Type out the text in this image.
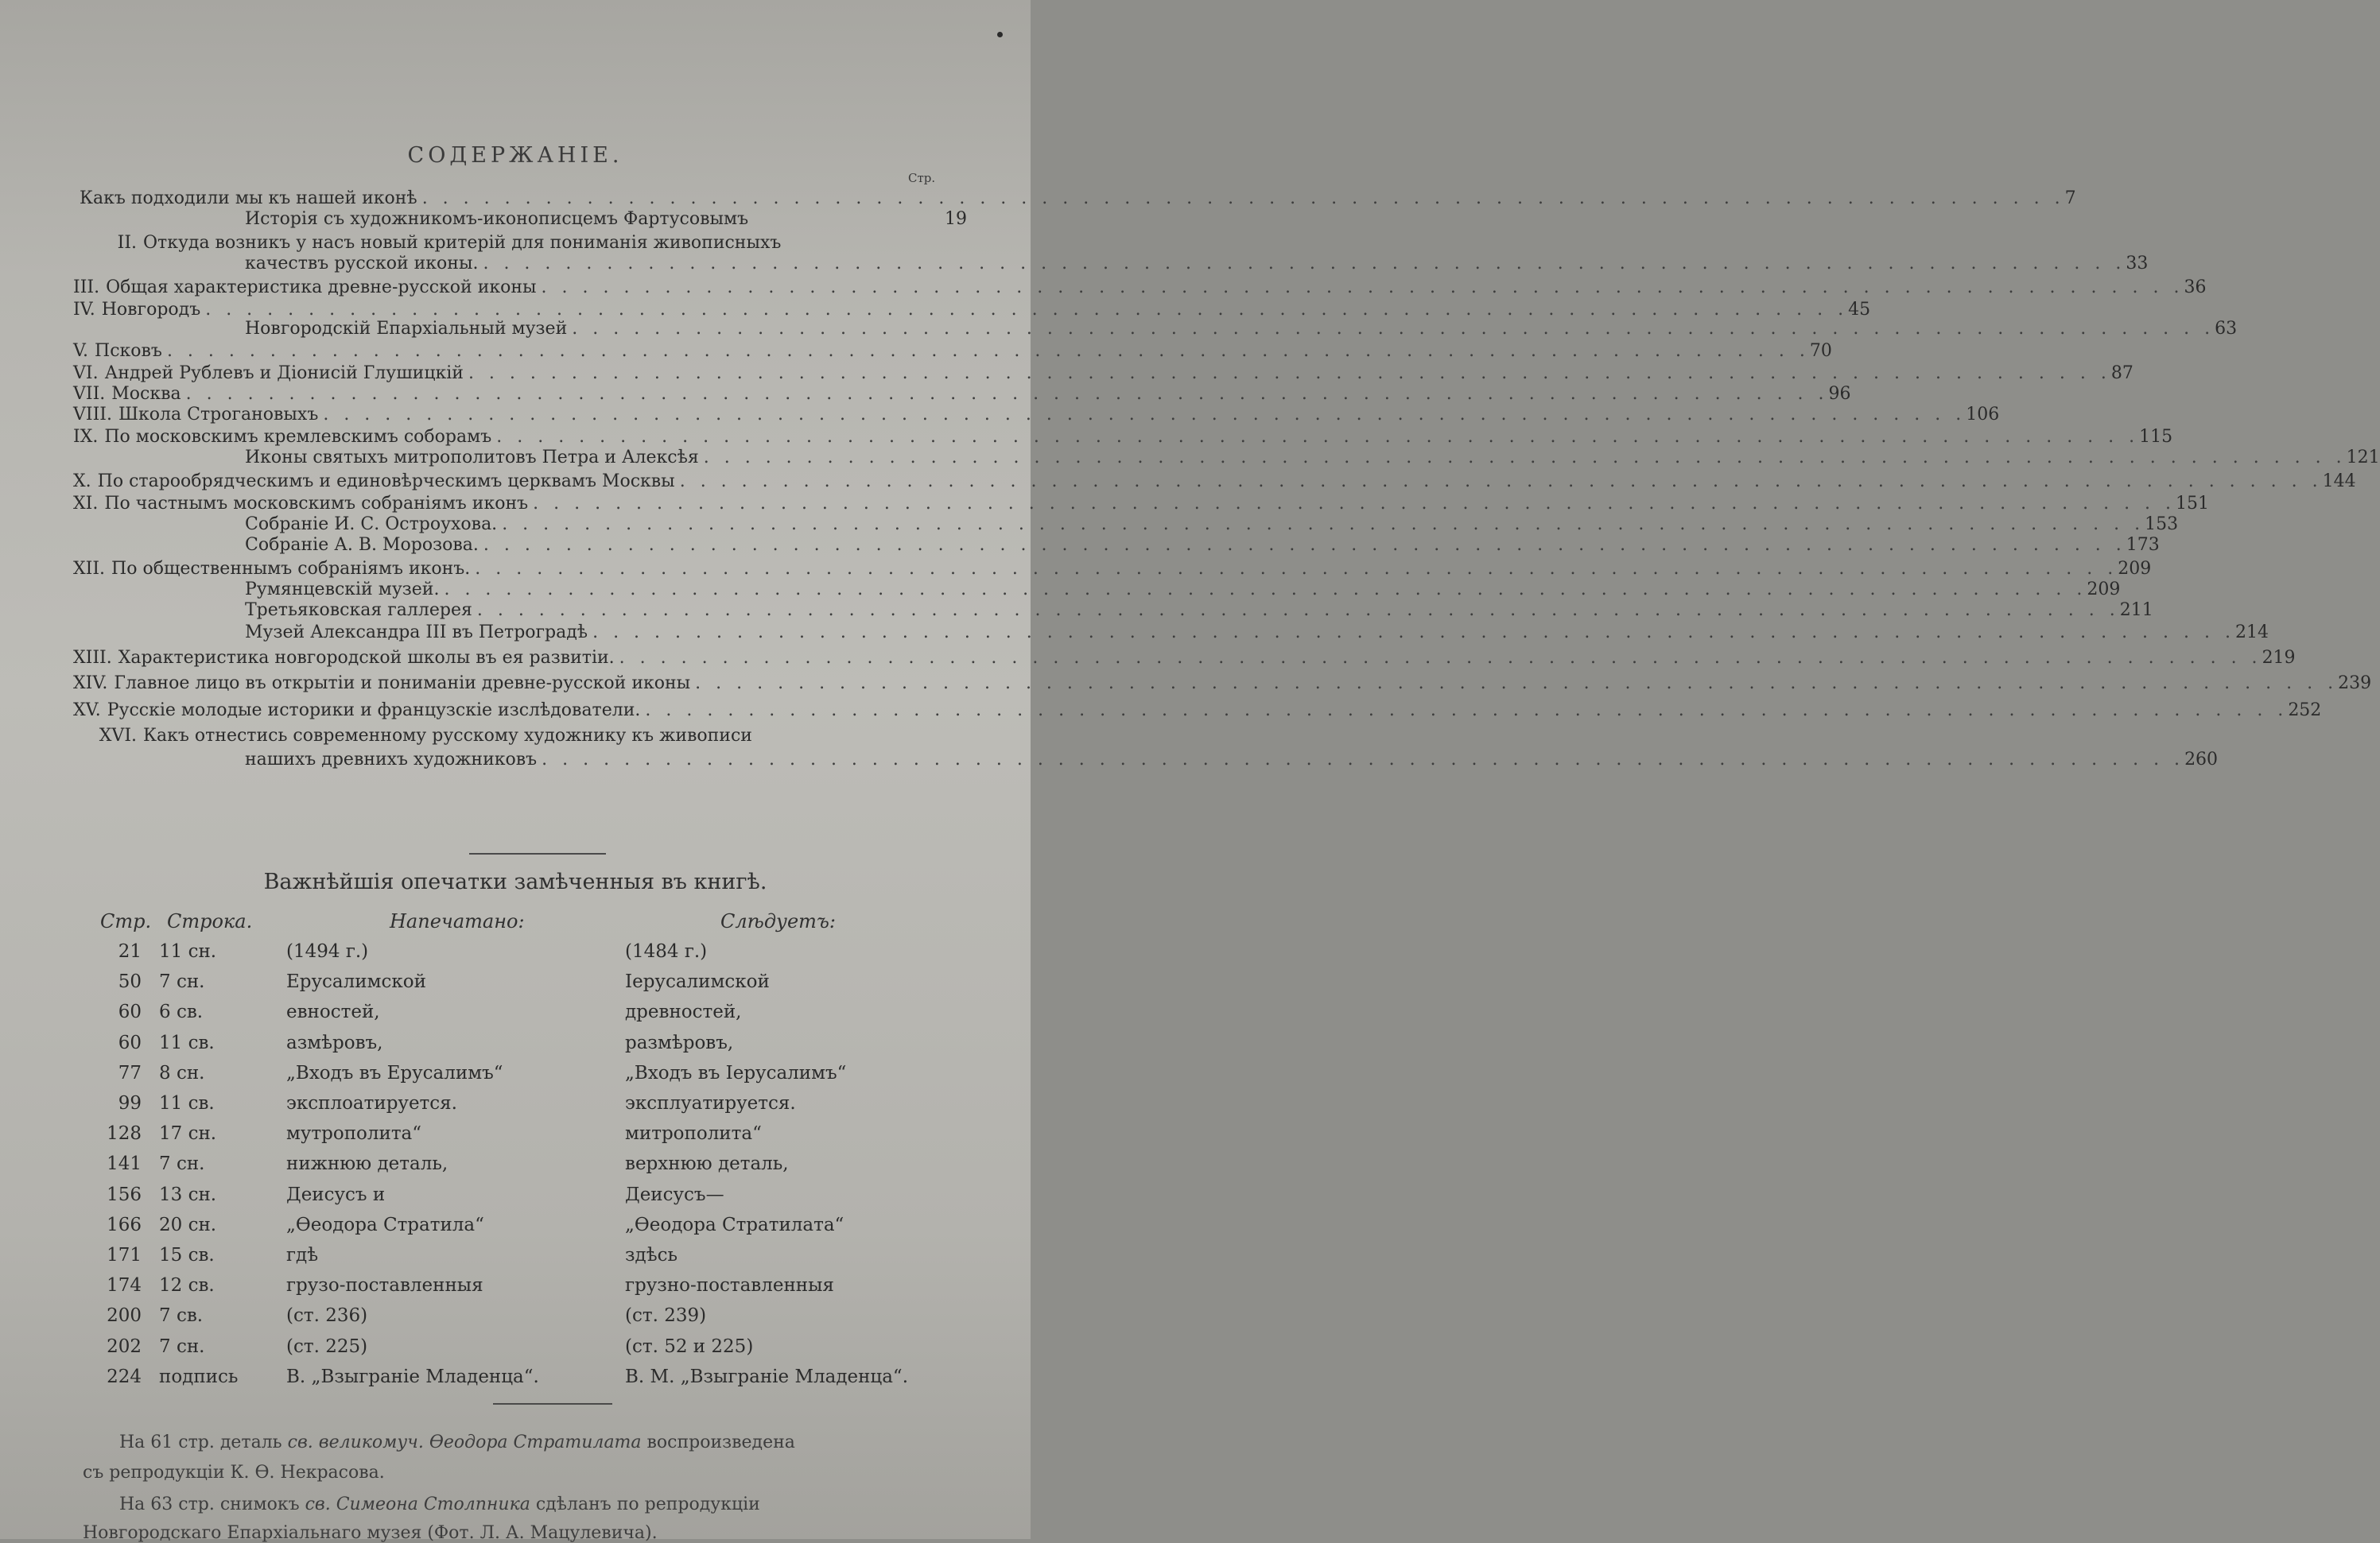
СОДЕРЖАНІЕ.
Стр.
Какъ подходили мы къ нашей иконѣ . . . . . . . . . . . . . . . . . . . . . . . . . . . . . . . . . . . . . . . . . . . . . . . . . . . . . . . . . . . . . . . . . . . . . . . . . . . . . . . . 7
Исторія съ художникомъ-иконописцемъ Фартусовымъ	19
II. Откуда возникъ у насъ новый критерій для пониманія живописныхъ
качествъ русской иконы. . . . . . . . . . . . . . . . . . . . . . . . . . . . . . . . . . . . . . . . . . . . . . . . . . . . . . . . . . . . . . . . . . . . . . . . . . . . . . . . . 33
III. Общая характеристика древне-русской иконы . . . . . . . . . . . . . . . . . . . . . . . . . . . . . . . . . . . . . . . . . . . . . . . . . . . . . . . . . . . . . . . . . . . . . . . . . . . . . . . . 36
IV. Новгородъ . . . . . . . . . . . . . . . . . . . . . . . . . . . . . . . . . . . . . . . . . . . . . . . . . . . . . . . . . . . . . . . . . . . . . . . . . . . . . . . . 45
Новгородскій Епархіальный музей . . . . . . . . . . . . . . . . . . . . . . . . . . . . . . . . . . . . . . . . . . . . . . . . . . . . . . . . . . . . . . . . . . . . . . . . . . . . . . . . 63
V. Псковъ . . . . . . . . . . . . . . . . . . . . . . . . . . . . . . . . . . . . . . . . . . . . . . . . . . . . . . . . . . . . . . . . . . . . . . . . . . . . . . . . 70
VI. Андрей Рублевъ и Діонисій Глушицкій . . . . . . . . . . . . . . . . . . . . . . . . . . . . . . . . . . . . . . . . . . . . . . . . . . . . . . . . . . . . . . . . . . . . . . . . . . . . . . . . 87
VII. Москва . . . . . . . . . . . . . . . . . . . . . . . . . . . . . . . . . . . . . . . . . . . . . . . . . . . . . . . . . . . . . . . . . . . . . . . . . . . . . . . . 96
VIII. Школа Строгановыхъ . . . . . . . . . . . . . . . . . . . . . . . . . . . . . . . . . . . . . . . . . . . . . . . . . . . . . . . . . . . . . . . . . . . . . . . . . . . . . . . . 106
IX. По московскимъ кремлевскимъ соборамъ . . . . . . . . . . . . . . . . . . . . . . . . . . . . . . . . . . . . . . . . . . . . . . . . . . . . . . . . . . . . . . . . . . . . . . . . . . . . . . . . 115
Иконы святыхъ митрополитовъ Петра и Алексѣя . . . . . . . . . . . . . . . . . . . . . . . . . . . . . . . . . . . . . . . . . . . . . . . . . . . . . . . . . . . . . . . . . . . . . . . . . . . . . . . . 121
X. По старообрядческимъ и единовѣрческимъ церквамъ Москвы . . . . . . . . . . . . . . . . . . . . . . . . . . . . . . . . . . . . . . . . . . . . . . . . . . . . . . . . . . . . . . . . . . . . . . . . . . . . . . . . 144
XI. По частнымъ московскимъ собраніямъ иконъ . . . . . . . . . . . . . . . . . . . . . . . . . . . . . . . . . . . . . . . . . . . . . . . . . . . . . . . . . . . . . . . . . . . . . . . . . . . . . . . . 151
Собраніе И. С. Остроухова. . . . . . . . . . . . . . . . . . . . . . . . . . . . . . . . . . . . . . . . . . . . . . . . . . . . . . . . . . . . . . . . . . . . . . . . . . . . . . . . . 153
Собраніе А. В. Морозова. . . . . . . . . . . . . . . . . . . . . . . . . . . . . . . . . . . . . . . . . . . . . . . . . . . . . . . . . . . . . . . . . . . . . . . . . . . . . . . . . 173
XII. По общественнымъ собраніямъ иконъ. . . . . . . . . . . . . . . . . . . . . . . . . . . . . . . . . . . . . . . . . . . . . . . . . . . . . . . . . . . . . . . . . . . . . . . . . . . . . . . . . 209
Румянцевскій музей. . . . . . . . . . . . . . . . . . . . . . . . . . . . . . . . . . . . . . . . . . . . . . . . . . . . . . . . . . . . . . . . . . . . . . . . . . . . . . . . . 209
Третьяковская галлерея . . . . . . . . . . . . . . . . . . . . . . . . . . . . . . . . . . . . . . . . . . . . . . . . . . . . . . . . . . . . . . . . . . . . . . . . . . . . . . . . 211
Музей Александра III въ Петроградѣ . . . . . . . . . . . . . . . . . . . . . . . . . . . . . . . . . . . . . . . . . . . . . . . . . . . . . . . . . . . . . . . . . . . . . . . . . . . . . . . . 214
XIII. Характеристика новгородской школы въ ея развитіи. . . . . . . . . . . . . . . . . . . . . . . . . . . . . . . . . . . . . . . . . . . . . . . . . . . . . . . . . . . . . . . . . . . . . . . . . . . . . . . . . 219
XIV. Главное лицо въ открытіи и пониманіи древне-русской иконы . . . . . . . . . . . . . . . . . . . . . . . . . . . . . . . . . . . . . . . . . . . . . . . . . . . . . . . . . . . . . . . . . . . . . . . . . . . . . . . . 239
XV. Русскіе молодые историки и французскіе изслѣдователи. . . . . . . . . . . . . . . . . . . . . . . . . . . . . . . . . . . . . . . . . . . . . . . . . . . . . . . . . . . . . . . . . . . . . . . . . . . . . . . . . 252
XVI. Какъ отнестись современному русскому художнику къ живописи
нашихъ древнихъ художниковъ . . . . . . . . . . . . . . . . . . . . . . . . . . . . . . . . . . . . . . . . . . . . . . . . . . . . . . . . . . . . . . . . . . . . . . . . . . . . . . . . 260
Важнѣйшія опечатки замѣченныя въ книгѣ.
Стр. Строка.	Напечатано:	Слѣдуетъ:
21 11 сн.	(1494 г.)	(1484 г.)
50 7 сн.	Ерусалимской	Іерусалимской
60 6 св.	евностей,	древностей,
60 11 св.	азмѣровъ,	размѣровъ,
77 8 сн.	„Входъ въ Ерусалимъ“	„Входъ въ Іерусалимъ“
99 11 св.	эксплоатируется.	эксплуатируется.
128 17 сн.	мутрополита“	митрополита“
141 7 сн.	нижнюю деталь,	верхнюю деталь,
156 13 сн.	Деисусъ и	Деисусъ—
166 20 сн.	„Ѳеодора Стратила“	„Ѳеодора Стратилата“
171 15 св.	гдѣ	здѣсь
174 12 св.	грузо-поставленныя	грузно-поставленныя
200 7 св.	(ст. 236)	(ст. 239)
202 7 сн.	(ст. 225)	(ст. 52 и 225)
224 подпись	В. „Взыграніе Младенца“.	В. М. „Взыграніе Младенца“.
На 61 стр. деталь св. великомуч. Ѳеодора Стратилата воспроизведена
съ репродукціи К. Ѳ. Некрасова.
На 63 стр. снимокъ св. Симеона Столпника сдѣланъ по репродукціи
Новгородскаго Епархіальнаго музея (Фот. Л. А. Мацулевича).
